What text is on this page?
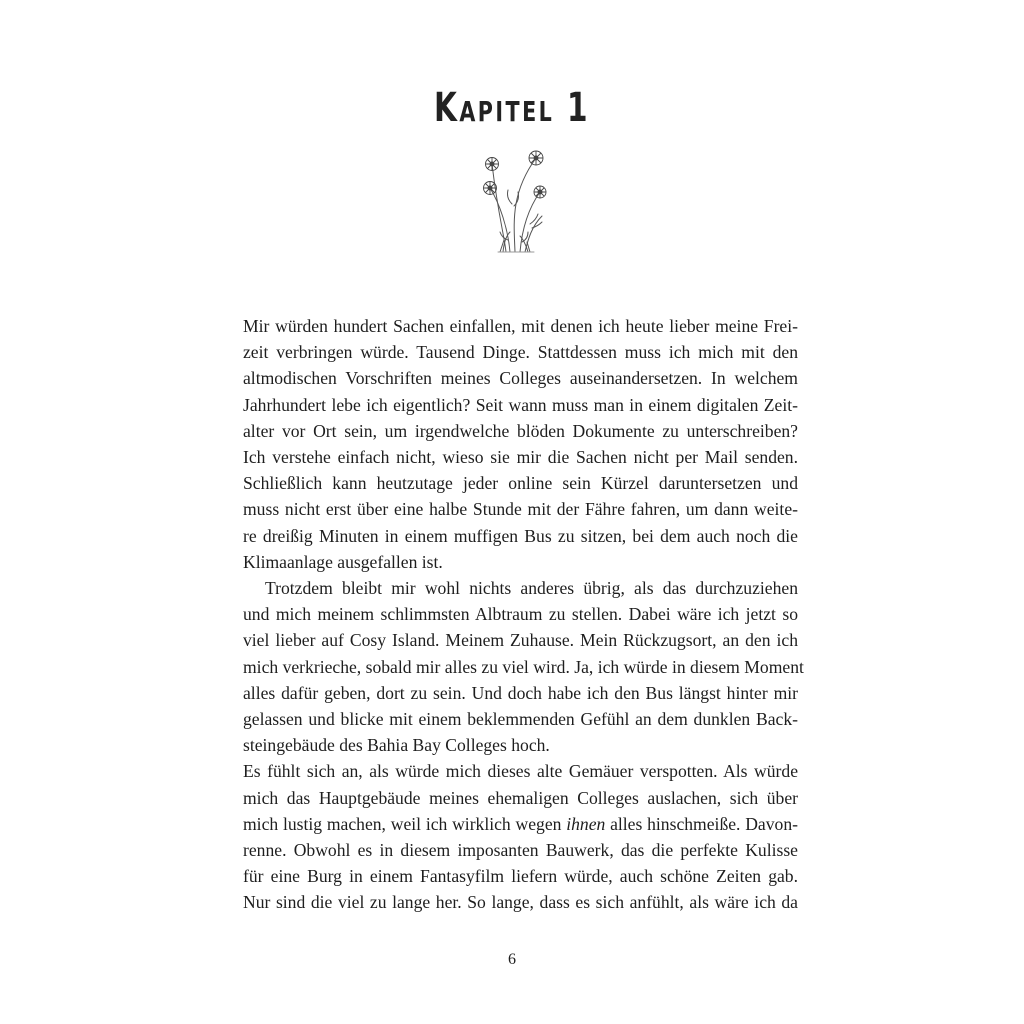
Kapitel 1

Mir würden hundert Sachen einfallen, mit denen ich heute lieber meine Frei-
zeit verbringen würde. Tausend Dinge. Stattdessen muss ich mich mit den
altmodischen Vorschriften meines Colleges auseinandersetzen. In welchem
Jahrhundert lebe ich eigentlich? Seit wann muss man in einem digitalen Zeit-
alter vor Ort sein, um irgendwelche blöden Dokumente zu unterschreiben?
Ich verstehe einfach nicht, wieso sie mir die Sachen nicht per Mail senden.
Schließlich kann heutzutage jeder online sein Kürzel daruntersetzen und
muss nicht erst über eine halbe Stunde mit der Fähre fahren, um dann weite-
re dreißig Minuten in einem muffigen Bus zu sitzen, bei dem auch noch die
Klimaanlage ausgefallen ist.

Trotzdem bleibt mir wohl nichts anderes übrig, als das durchzuziehen
und mich meinem schlimmsten Albtraum zu stellen. Dabei wäre ich jetzt so
viel lieber auf Cosy Island. Meinem Zuhause. Mein Rückzugsort, an den ich
mich verkrieche, sobald mir alles zu viel wird. Ja, ich würde in diesem Moment
alles dafür geben, dort zu sein. Und doch habe ich den Bus längst hinter mir
gelassen und blicke mit einem beklemmenden Gefühl an dem dunklen Back-
steingebäude des Bahia Bay Colleges hoch.

Es fühlt sich an, als würde mich dieses alte Gemäuer verspotten. Als würde
mich das Hauptgebäude meines ehemaligen Colleges auslachen, sich über
mich lustig machen, weil ich wirklich wegen ihnen alles hinschmeiße. Davon-
renne. Obwohl es in diesem imposanten Bauwerk, das die perfekte Kulisse
für eine Burg in einem Fantasyfilm liefern würde, auch schöne Zeiten gab.
Nur sind die viel zu lange her. So lange, dass es sich anfühlt, als wäre ich da

6
